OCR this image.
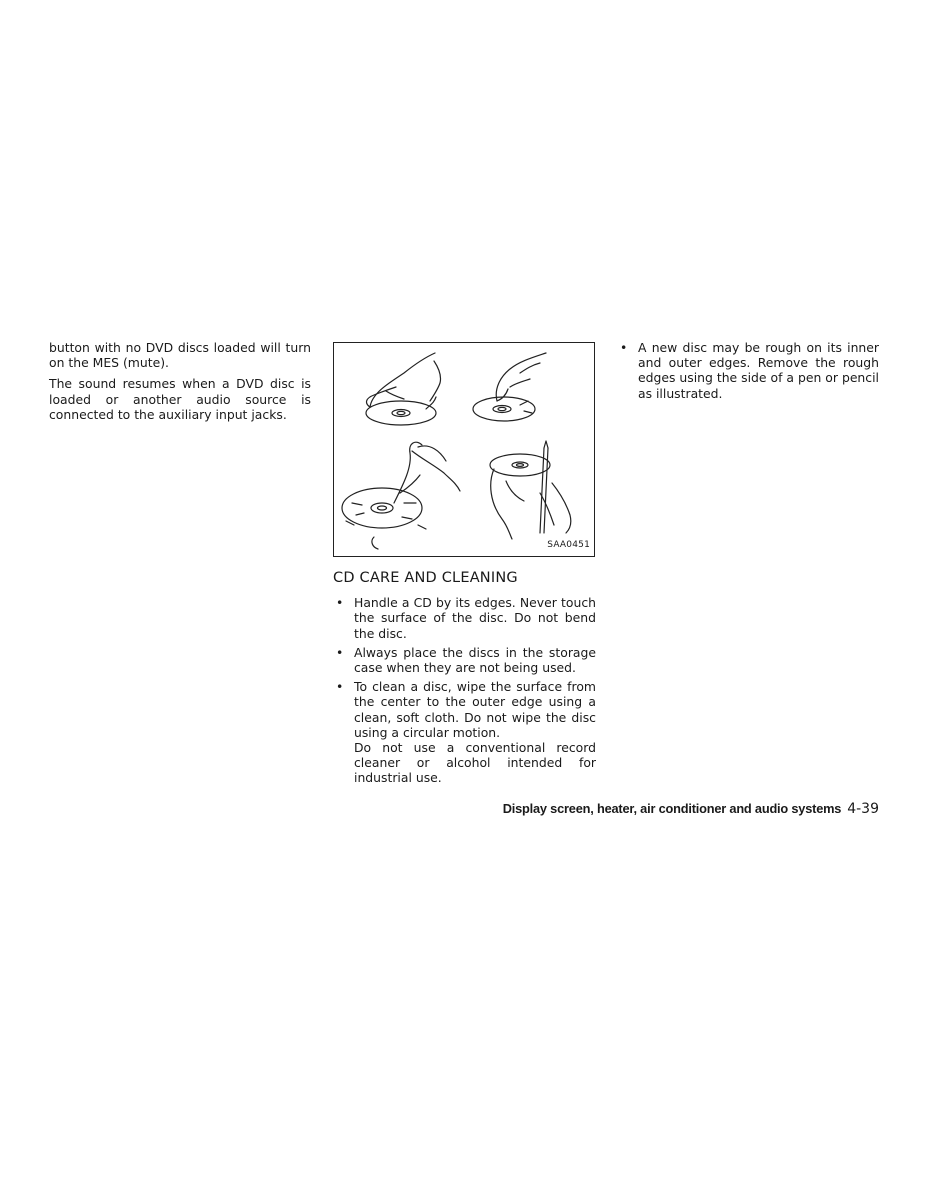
button with no DVD discs loaded will turn on the MES (mute).

The sound resumes when a DVD disc is loaded or another audio source is connected to the auxiliary input jacks.

SAA0451
CD CARE AND CLEANING
• Handle a CD by its edges. Never touch the surface of the disc. Do not bend the disc.
• Always place the discs in the storage case when they are not being used.
• To clean a disc, wipe the surface from the center to the outer edge using a clean, soft cloth. Do not wipe the disc using a circular motion.
Do not use a conventional record cleaner or alcohol intended for industrial use.
• A new disc may be rough on its inner and outer edges. Remove the rough edges using the side of a pen or pencil as illustrated.
Display screen, heater, air conditioner and audio systems 4-39
